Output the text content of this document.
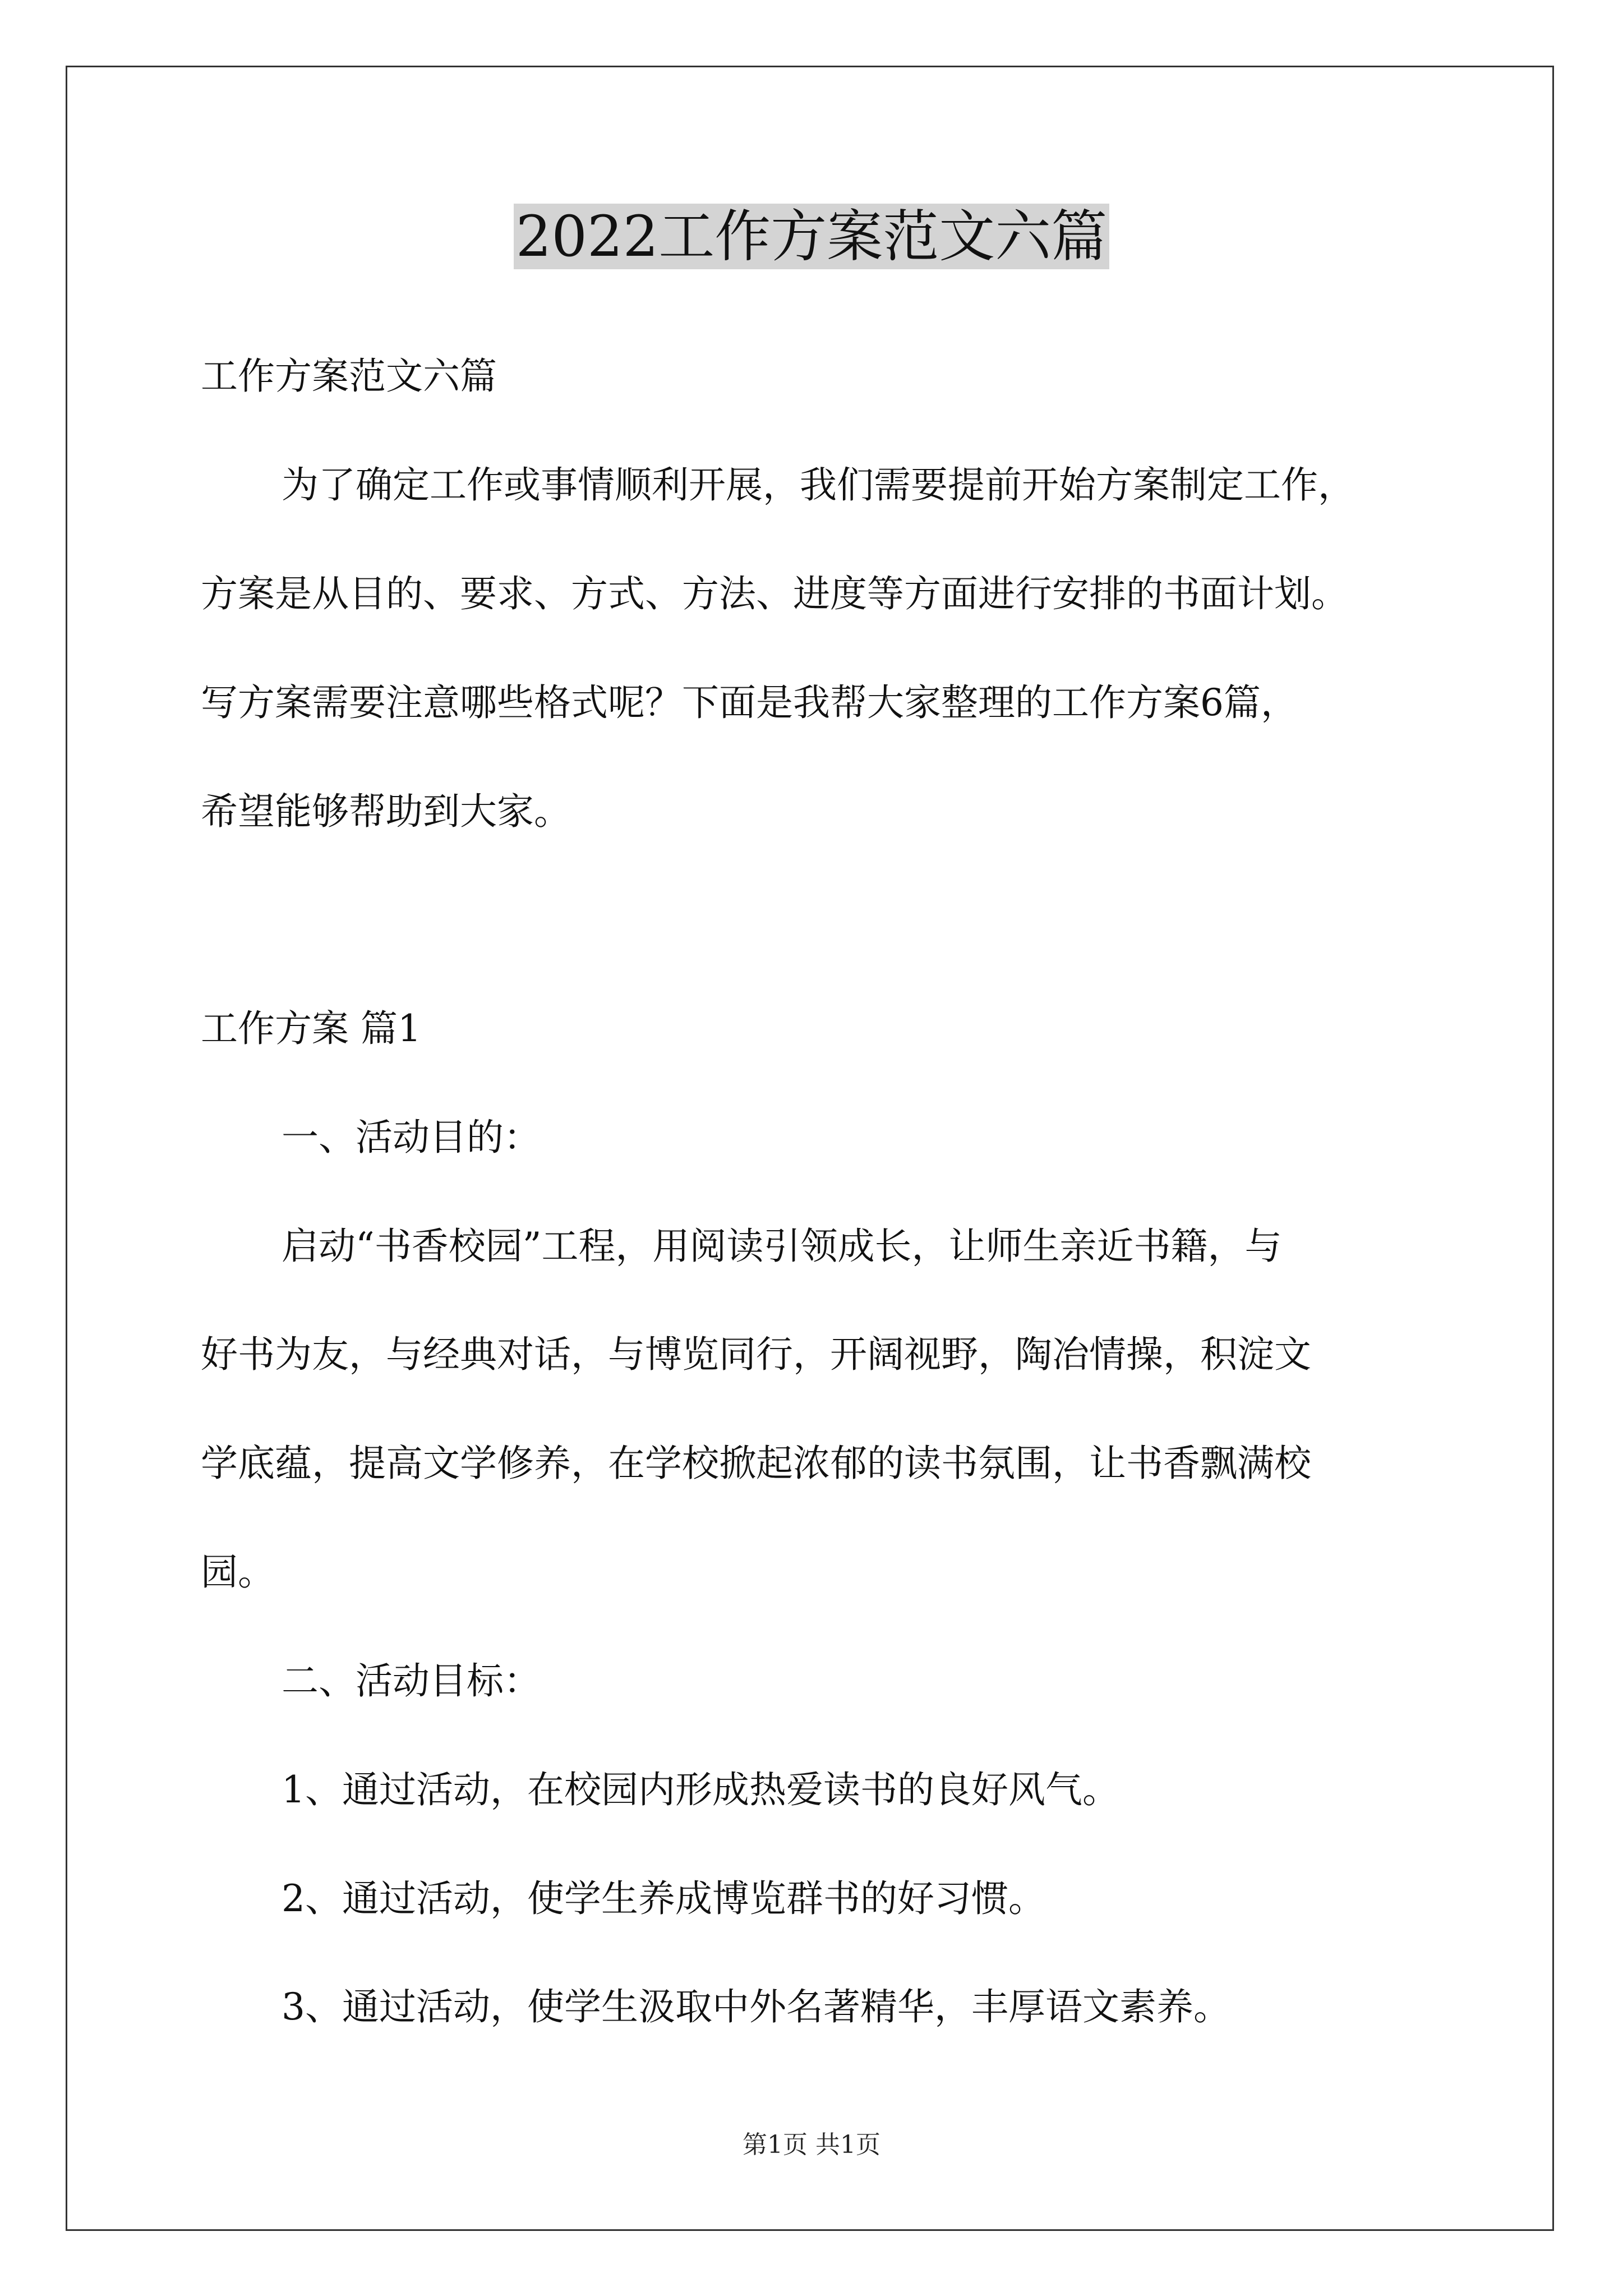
2022工作方案范文六篇

工作方案范文六篇

为了确定工作或事情顺利开展，我们需要提前开始方案制定工作，

方案是从目的、要求、方式、方法、进度等方面进行安排的书面计划。

写方案需要注意哪些格式呢？下面是我帮大家整理的工作方案6篇，

希望能够帮助到大家。

工作方案 篇1

一、活动目的：

启动“书香校园”工程，用阅读引领成长，让师生亲近书籍，与

好书为友，与经典对话，与博览同行，开阔视野，陶冶情操，积淀文

学底蕴，提高文学修养，在学校掀起浓郁的读书氛围，让书香飘满校

园。

二、活动目标：

1、通过活动，在校园内形成热爱读书的良好风气。

2、通过活动，使学生养成博览群书的好习惯。

3、通过活动，使学生汲取中外名著精华，丰厚语文素养。

第1页 共1页
